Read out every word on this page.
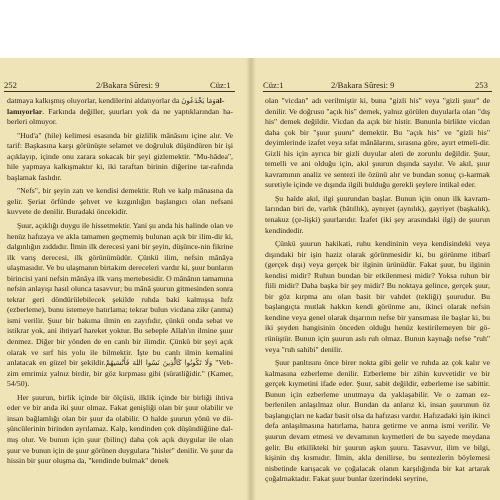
252	2/Bakara Sûresi: 9	Cüz:1

datmaya kalkışmış oluyorlar, kendilerini aldatıyorlar da وَمَا يَخْدَعُونَal-

lamıyorlar. Farkında değiller, şuurları yok da ne yaptıklarından ha-berleri olmuyor.

"Hud'a" (hile) kelimesi esasında bir gizlilik mânâsını içine alır. Ve tarif: Başkasına karşı görünüşte selamet ve doğruluk düşündüren bir işi açıklayıp, içinde onu zarara sokacak bir şeyi gizlemektir. "Mu-hâdea", hile yapmaya kalkışmaktır ki, iki taraftan birinin diğerine tar-rafında başlamak faslıdır.

"Nefs", bir şeyin zatı ve kendisi demektir. Ruh ve kalp mânasına da gelir. Şeriat örfünde şehvet ve kızgınlığın başlangıcı olan nefsani kuvvete de denilir. Buradaki öncekidir.

Şuur, açıklığı duygu ile hissetmektir. Yani şu anda his halinde olan ve henüz hafızaya ve akla tamamen geçmemiş bulunan açık bir ilim-dir ki, dalgınlığın zıddıdır. İlmin ilk derecesi yani bir şeyin, düşünce-nin fikrine ilk varış derecesi, ilk görünümüdür. Çünkü ilim, nefsin mânâya ulaşmasıdır. Ve bu ulaşmanın birtakım dereceleri vardır ki, şuur bunların birincisi yani nefsin mânâya ilk varış mertebesidir. O mânânın tamamına nefsin anlayışı hasıl olunca tasavvur; bu mânâ şuurun gitmesinden sonra tekrar geri döndürülebilecek şekilde ruhda baki kalmışsa hıfz (ezberleme), bunu istemeye hatırlama; tekrar bulun vicdana zikr (anma) ismi verilir. Şuur bir bakıma ilmin en zayıfıdır, çünkü onda sebat ve istikrar yok, ani ihtiyarî hareket yoktur. Bu sebeple Allah'ın ilmine şuur denmez. Diğer bir yönden de en canlı bir ilimdir. Çünkü bir şeyi açık olarak ve sırf his yolu ile bilmektir. İşte bu canlı ilmin kemalini anlatacak en güzel bir şekildir.وَلَا تَكُونُوا كَالَّذِينَ نَسُوا اللهَ فَأَنْسَيهُمْ "Veb-zim emrimiz yalnız birdir, bir göz kırpması gibi (süratliğidir." (Kamer, 54/50).

Her şuurun, birlik içinde bir ölçüsü, ilklik içinde bir birliği ihtiva eder ve bir anda iki şuur olmaz. Fakat genişliği olan bir şuur olabilir ve insan bağlamlığı olan bir şuur da olabilir. O halde şuurun yönü ve dü-şüncülerinin birinden ayrılamaz. Kalp, kendinden çok düşündüğüne dal-mış olur. Ve bunun için şuur (bilinç) daha çok açık duygular ile olan şuur ve bunun için de şuur görünen duygulara "hisler" denilir. Ve şuur da hissin bir şuur oluşma da, "kendinde bulmak" denek

Cüz:1	2/Bakara Sûresi: 9	253

olan "vicdan" adı verilmiştir ki, buna "gizli his" veya "gizli şuur" de denilir. Ve doğrusu "açık his" demek, yalnız görülen duyularla olan "dış his" demek değildir. Vicdan da açık bir histir. Bununla birlikte vicdan daha çok bir "şuur şuuru" demektir. Bu "açık his" ve "gizli his" deyimlerinde izafet veya sıfat mânâlarını, sırasına göre, ayırt etmeli-dir. Gizli his için ayrıca bir gizli duyular aleti de zorunlu değildir. Şuur, temelli ve ani olduğu için, akıl şuurun dışında sayılır. Ve akıl, şuur kavramının analiz ve sentezi ile özünü alır ve bundan sonuç çı-karmak suretiyle içinde ve dışında ilgili bulduğu gerekli şeylere intikal eder.

Şu halde akıl, ilgi şuurundan başlar. Bunun için onun ilk kavram-larından biri de, varlık (bâtıllık), aynıyet (aynılık), gayriyet (başkalık), tenakuz (çe-lişki) şuurlarıdır. İzafet (iki şey arasındaki ilgi) de şuurun kendindedir.

Çünkü şuurun hakikati, ruhu kendininin veya kendisindeki veya dışındaki bir işin haziz olarak görünmesidir ki, bu görünme itibarî (gerçek dışı) veya gerçek bir ilginin ürünüdür. Fakat şuur, bu ilginin kendisi midir? Ruhun bundan bir etkilenmesi midir? Yoksa ruhun bir fiili midir? Daha başka bir şey midir? Bu noktaya gelince, gerçek şuur, bir göz kırpma anı olan basit bir vahdet (tekliği) şuurudur. Bu başlangıçta mutlak hakkın kendi görünme anı, ikinci olarak nefsin kendine veya genel olarak dışarının nefse bir yansıması ile başlar ki, bu iki şeyden hangisinin önceden olduğu henüz kestirilemeyen bir gö-rünüştür. Bunun için şuurun aslı ruh olmaz. Bunun kaynağı nefse "ruh" veya "ruh sahibi" denilir.

Şuur panltısını öncе birer nokta gibi gelir ve ruhda az çok kalır ve kalmasına ezberleme denilir. Ezberleme bir zihin kuvvetidir ve bir gerçek kıymetini ifade eder. Şuur, sabit değildir, ezberleme ise sabittir. Bunun için ezberleme unutmaya da yaklaşabilir. Ve o zaman ez-berlenilen anlaşılmaz olur. Bundan da anlarız ki, insan şuurunun öz başlangıçları ne kadar basit olsa da hafızası vardır. Hafızadaki işin ikinci defa anlaşılmasına hatırlama, hatıra getirme ve anma ismi verilir. Ve şuurun devam etmesi ve devamının kıymetleri de bu sayede meydana gelir. Bu etkilikteki bir şuurun aşkın şuuru. Tasavvur, ilim ve bilgi, kişinin dış kısmıdır. İlmin, akla denilirse, bu sentezlerin böylemesi nisbetinde karışacak ve çoğalacak olanın karşılığında bir kat artarak çoğalmaktadır. Fakat şuur bunlar üzerindeki seyrine,
